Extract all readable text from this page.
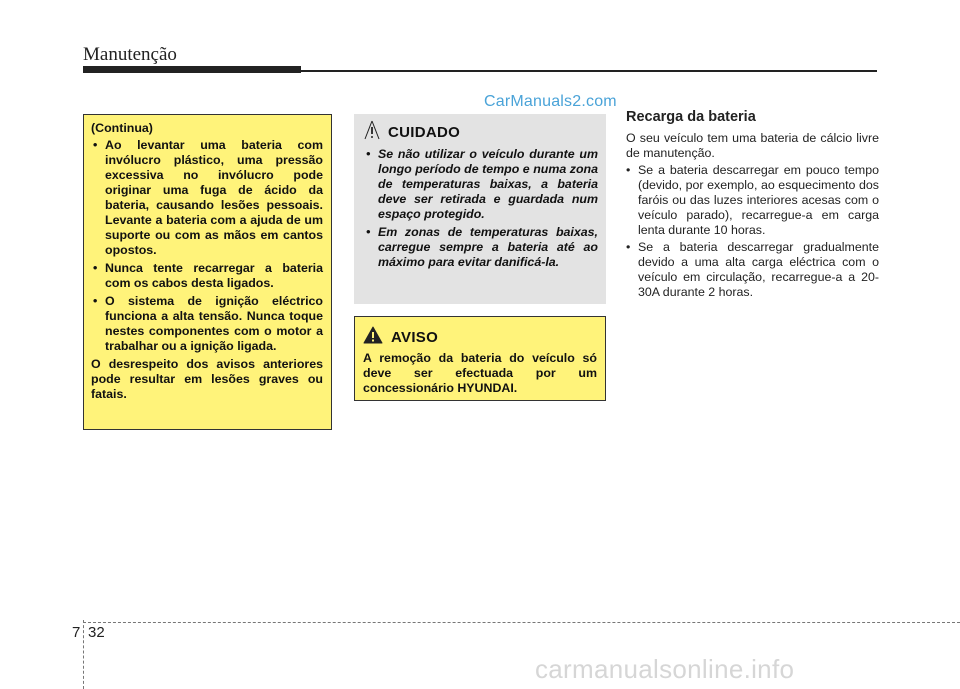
Manutenção
CarManuals2.com

(Continua)

• Ao levantar uma bateria com invólucro plástico, uma pressão excessiva no invólucro pode originar uma fuga de ácido da bateria, causando lesões pessoais. Levante a bateria com a ajuda de um suporte ou com as mãos em cantos opostos.
• Nunca tente recarregar a bateria com os cabos desta ligados.
• O sistema de ignição eléctrico funciona a alta tensão. Nunca toque nestes componentes com o motor a trabalhar ou a ignição ligada.

O desrespeito dos avisos anteriores pode resultar em lesões graves ou fatais.

CUIDADO
• Se não utilizar o veículo durante um longo período de tempo e numa zona de temperaturas baixas, a bateria deve ser retirada e guardada num espaço protegido.
• Em zonas de temperaturas baixas, carregue sempre a bateria até ao máximo para evitar danificá-la.
AVISO

A remoção da bateria do veículo só deve ser efectuada por um concessionário HYUNDAI.

Recarga da bateria

O seu veículo tem uma bateria de cálcio livre de manutenção.

• Se a bateria descarregar em pouco tempo (devido, por exemplo, ao esquecimento dos faróis ou das luzes interiores acesas com o veículo parado), recarregue-a em carga lenta durante 10 horas.
• Se a bateria descarregar gradualmente devido a uma alta carga eléctrica com o veículo em circulação, recarregue-a a 20-30A durante 2 horas.
7 32
carmanualsonline.info
